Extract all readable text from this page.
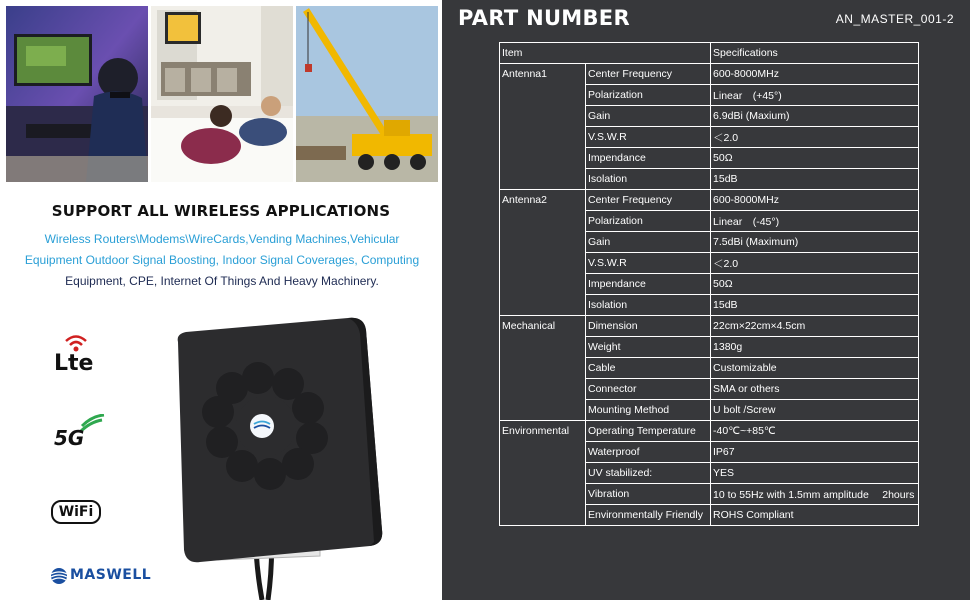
SUPPORT ALL WIRELESS APPLICATIONS
Wireless Routers\Modems\WireCards,Vending Machines,Vehicular
Equipment Outdoor Signal Boosting, Indoor Signal Coverages, Computing
Equipment, CPE, Internet Of Things And Heavy Machinery.
Lte
5G
WiFi
MASWELL
PART NUMBER	AN_MASTER_001-2
Item		Specifications
Antenna1	Center Frequency	600-8000MHz
	Polarization	Linear　(+45°)
	Gain	6.9dBi (Maxium)
	V.S.W.R	＜2.0
	Impendance	50Ω
	Isolation	15dB
Antenna2	Center Frequency	600-8000MHz
	Polarization	Linear　(-45°)
	Gain	7.5dBi (Maximum)
	V.S.W.R	＜2.0
	Impendance	50Ω
	Isolation	15dB
Mechanical	Dimension	22cm×22cm×4.5cm
	Weight	1380g
	Cable	Customizable
	Connector	SMA or others
	Mounting Method	U bolt /Screw
Environmental	Operating Temperature	-40℃~+85℃
	Waterproof	IP67
	UV stabilized:	YES
	Vibration	10 to 55Hz with 1.5mm amplitude　 2hours
	Environmentally Friendly	ROHS Compliant
